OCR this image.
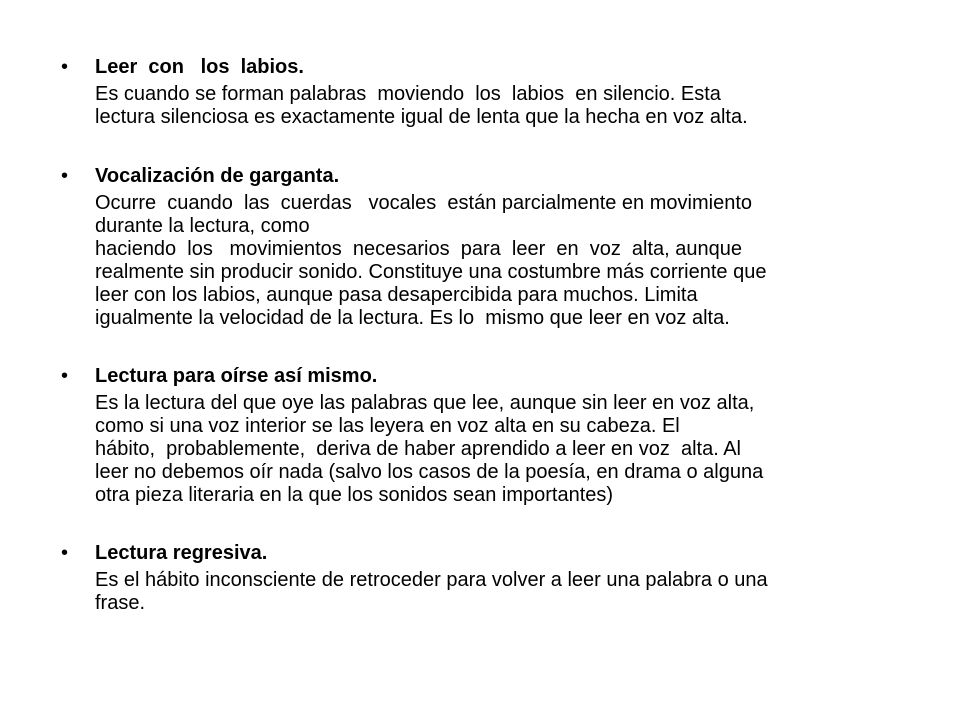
• Leer  con   los  labios.
Es cuando se forman palabras  moviendo  los  labios  en silencio. Esta
lectura silenciosa es exactamente igual de lenta que la hecha en voz alta.
• Vocalización de garganta.
Ocurre  cuando  las  cuerdas   vocales  están parcialmente en movimiento
durante la lectura, como
haciendo  los   movimientos  necesarios  para  leer  en  voz  alta, aunque
realmente sin producir sonido. Constituye una costumbre más corriente que
leer con los labios, aunque pasa desapercibida para muchos. Limita
igualmente la velocidad de la lectura. Es lo  mismo que leer en voz alta.
• Lectura para oírse así mismo.
Es la lectura del que oye las palabras que lee, aunque sin leer en voz alta,
como si una voz interior se las leyera en voz alta en su cabeza. El
hábito,  probablemente,  deriva de haber aprendido a leer en voz  alta. Al
leer no debemos oír nada (salvo los casos de la poesía, en drama o alguna
otra pieza literaria en la que los sonidos sean importantes)
• Lectura regresiva.
Es el hábito inconsciente de retroceder para volver a leer una palabra o una
frase.
